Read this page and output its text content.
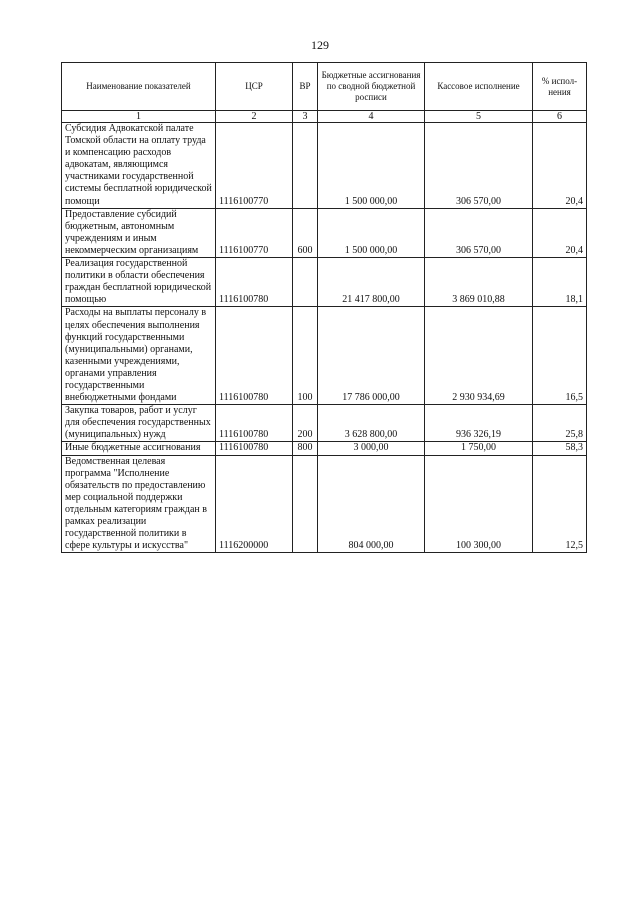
129
Наименование показателей	ЦСР	ВР	Бюджетные ассигнования по сводной бюджетной росписи	Кассовое исполнение	% испол-нения
1	2	3	4	5	6
Субсидия Адвокатской палате Томской области на оплату труда и компенсацию расходов адвокатам, являющимся участниками государственной системы бесплатной юридической помощи	1116100770		1 500 000,00	306 570,00	20,4
Предоставление субсидий бюджетным, автономным учреждениям и иным некоммерческим организациям	1116100770	600	1 500 000,00	306 570,00	20,4
Реализация государственной политики в области обеспечения граждан бесплатной юридической помощью	1116100780		21 417 800,00	3 869 010,88	18,1
Расходы на выплаты персоналу в целях обеспечения выполнения функций государственными (муниципальными) органами, казенными учреждениями, органами управления государственными внебюджетными фондами	1116100780	100	17 786 000,00	2 930 934,69	16,5
Закупка товаров, работ и услуг для обеспечения государственных (муниципальных) нужд	1116100780	200	3 628 800,00	936 326,19	25,8
Иные бюджетные ассигнования	1116100780	800	3 000,00	1 750,00	58,3
Ведомственная целевая программа "Исполнение обязательств по предоставлению мер социальной поддержки отдельным категориям граждан в рамках реализации государственной политики в сфере культуры и искусства"	1116200000		804 000,00	100 300,00	12,5
